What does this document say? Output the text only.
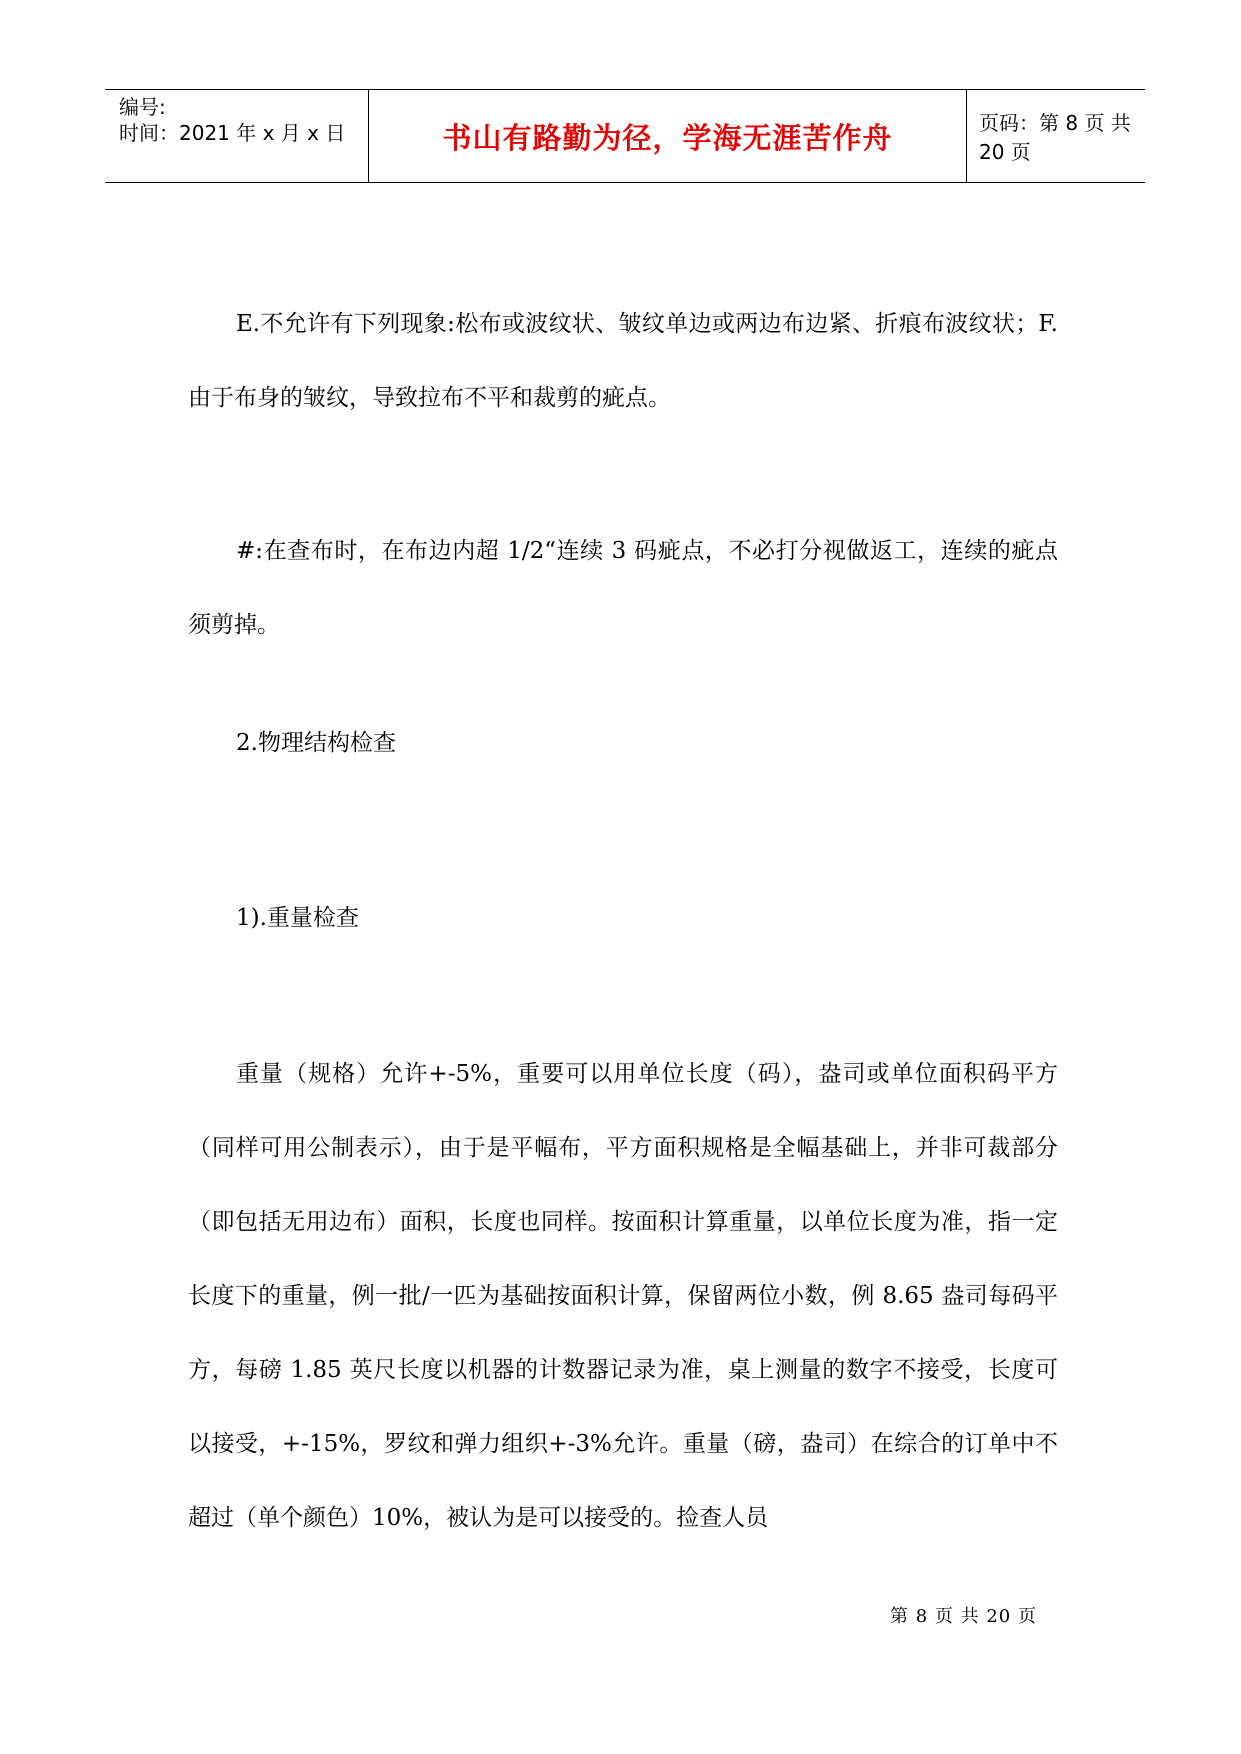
编号:
时间：2021 年 x 月 x 日	书山有路勤为径，学海无涯苦作舟	页码：第 8 页 共 20 页

E.不允许有下列现象:松布或波纹状、皱纹单边或两边布边紧、折痕布波纹状；F.由于布身的皱纹，导致拉布不平和裁剪的疵点。

#:在查布时，在布边内超 1/2“连续 3 码疵点，不必打分视做返工，连续的疵点须剪掉。

2.物理结构检查

1).重量检查

重量（规格）允许+-5%，重要可以用单位长度（码），盎司或单位面积码平方（同样可用公制表示），由于是平幅布，平方面积规格是全幅基础上，并非可裁部分（即包括无用边布）面积，长度也同样。按面积计算重量，以单位长度为准，指一定长度下的重量，例一批/一匹为基础按面积计算，保留两位小数，例 8.65 盎司每码平方，每磅 1.85 英尺长度以机器的计数器记录为准，桌上测量的数字不接受，长度可以接受，+-15%，罗纹和弹力组织+-3%允许。重量（磅，盎司）在综合的订单中不超过（单个颜色）10%，被认为是可以接受的。捡查人员

第 8 页 共 20 页
